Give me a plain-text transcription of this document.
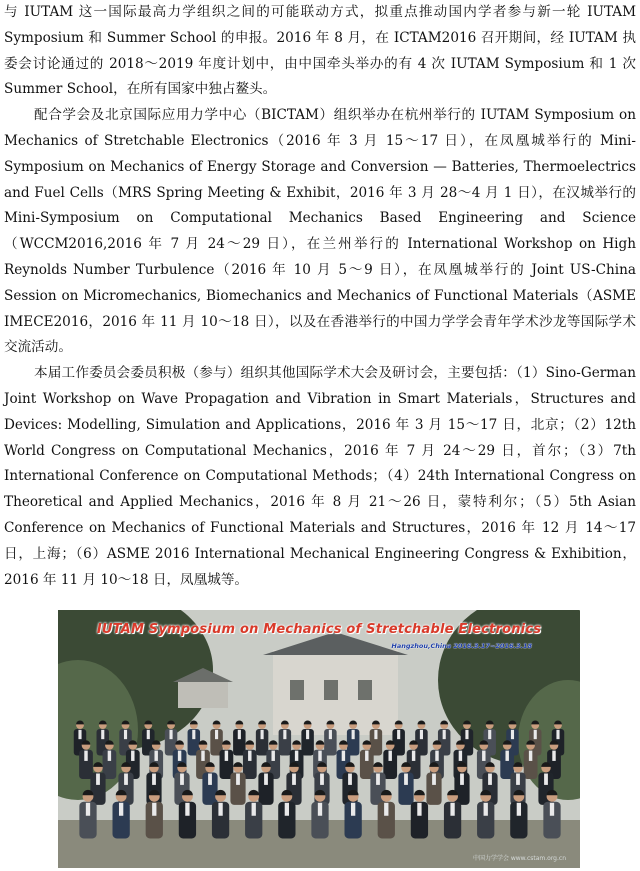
与 IUTAM 这一国际最高力学组织之间的可能联动方式，拟重点推动国内学者参与新一轮 IUTAM Symposium 和 Summer School 的申报。2016 年 8 月，在 ICTAM2016 召开期间，经 IUTAM 执委会讨论通过的 2018～2019 年度计划中，由中国牵头举办的有 4 次 IUTAM Symposium 和 1 次 Summer School，在所有国家中独占鳌头。

配合学会及北京国际应用力学中心（BICTAM）组织举办在杭州举行的 IUTAM Symposium on Mechanics of Stretchable Electronics（2016 年 3 月 15～17 日），在凤凰城举行的 Mini-Symposium on Mechanics of Energy Storage and Conversion — Batteries, Thermoelectrics and Fuel Cells（MRS Spring Meeting & Exhibit，2016 年 3 月 28～4 月 1 日），在汉城举行的 Mini-Symposium on Computational Mechanics Based Engineering and Science（WCCM2016,2016 年 7 月 24～29 日），在兰州举行的 International Workshop on High Reynolds Number Turbulence（2016 年 10 月 5～9 日），在凤凰城举行的 Joint US-China Session on Micromechanics, Biomechanics and Mechanics of Functional Materials（ASME IMECE2016，2016 年 11 月 10～18 日），以及在香港举行的中国力学学会青年学术沙龙等国际学术交流活动。

本届工作委员会委员积极（参与）组织其他国际学术大会及研讨会，主要包括：（1）Sino-German Joint Workshop on Wave Propagation and Vibration in Smart Materials，Structures and Devices: Modelling, Simulation and Applications，2016 年 3 月 15～17 日，北京；（2）12th World Congress on Computational Mechanics，2016 年 7 月 24～29 日，首尔；（3）7th International Conference on Computational Methods；（4）24th International Congress on Theoretical and Applied Mechanics，2016 年 8 月 21～26 日，蒙特利尔；（5）5th Asian Conference on Mechanics of Functional Materials and Structures，2016 年 12 月 14～17 日，上海；（6）ASME 2016 International Mechanical Engineering Congress & Exhibition，2016 年 11 月 10～18 日，凤凰城等。

IUTAM Symposium on Mechanics of Stretchable Electronics
Hangzhou,China 2016.3.17~2016.3.18
中国力学学会 www.cstam.org.cn
